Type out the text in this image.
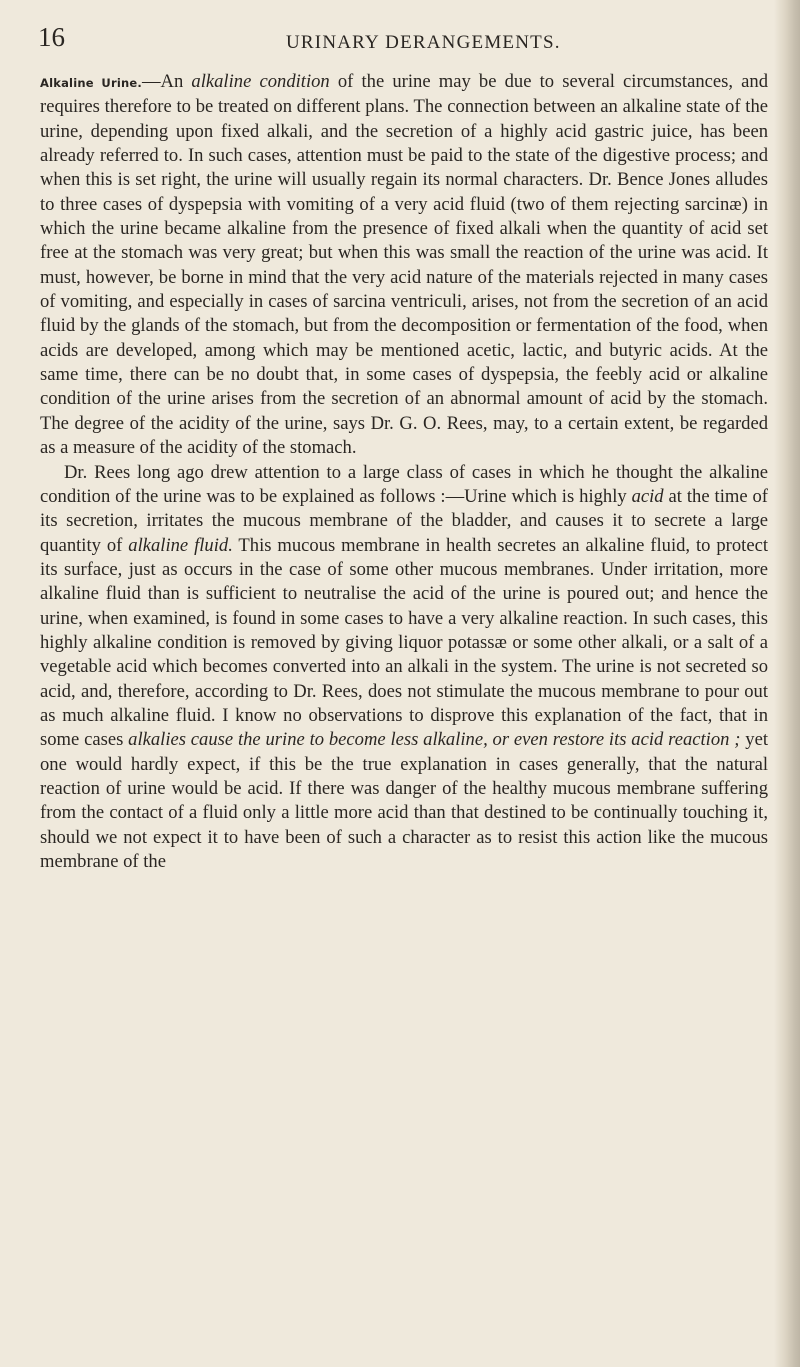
16	URINARY DERANGEMENTS.

Alkaline Urine.—An alkaline condition of the urine may be due to several circumstances, and requires therefore to be treated on different plans. The connection between an alkaline state of the urine, depending upon fixed alkali, and the secretion of a highly acid gastric juice, has been already referred to. In such cases, attention must be paid to the state of the digestive process; and when this is set right, the urine will usually regain its normal characters. Dr. Bence Jones alludes to three cases of dyspepsia with vomiting of a very acid fluid (two of them rejecting sarcinæ) in which the urine became alkaline from the presence of fixed alkali when the quantity of acid set free at the stomach was very great; but when this was small the reaction of the urine was acid. It must, however, be borne in mind that the very acid nature of the materials rejected in many cases of vomiting, and especially in cases of sarcina ventriculi, arises, not from the secretion of an acid fluid by the glands of the stomach, but from the decomposition or fermentation of the food, when acids are developed, among which may be mentioned acetic, lactic, and butyric acids. At the same time, there can be no doubt that, in some cases of dyspepsia, the feebly acid or alkaline condition of the urine arises from the secretion of an abnormal amount of acid by the stomach. The degree of the acidity of the urine, says Dr. G. O. Rees, may, to a certain extent, be regarded as a measure of the acidity of the stomach.

Dr. Rees long ago drew attention to a large class of cases in which he thought the alkaline condition of the urine was to be explained as follows :—Urine which is highly acid at the time of its secretion, irritates the mucous membrane of the bladder, and causes it to secrete a large quantity of alkaline fluid. This mucous membrane in health secretes an alkaline fluid, to protect its surface, just as occurs in the case of some other mucous membranes. Under irritation, more alkaline fluid than is sufficient to neutralise the acid of the urine is poured out; and hence the urine, when examined, is found in some cases to have a very alkaline reaction. In such cases, this highly alkaline condition is removed by giving liquor potassæ or some other alkali, or a salt of a vegetable acid which becomes converted into an alkali in the system. The urine is not secreted so acid, and, therefore, according to Dr. Rees, does not stimulate the mucous membrane to pour out as much alkaline fluid. I know no observations to disprove this explanation of the fact, that in some cases alkalies cause the urine to become less alkaline, or even restore its acid reaction ; yet one would hardly expect, if this be the true explanation in cases generally, that the natural reaction of urine would be acid. If there was danger of the healthy mucous membrane suffering from the contact of a fluid only a little more acid than that destined to be continually touching it, should we not expect it to have been of such a character as to resist this action like the mucous membrane of the
